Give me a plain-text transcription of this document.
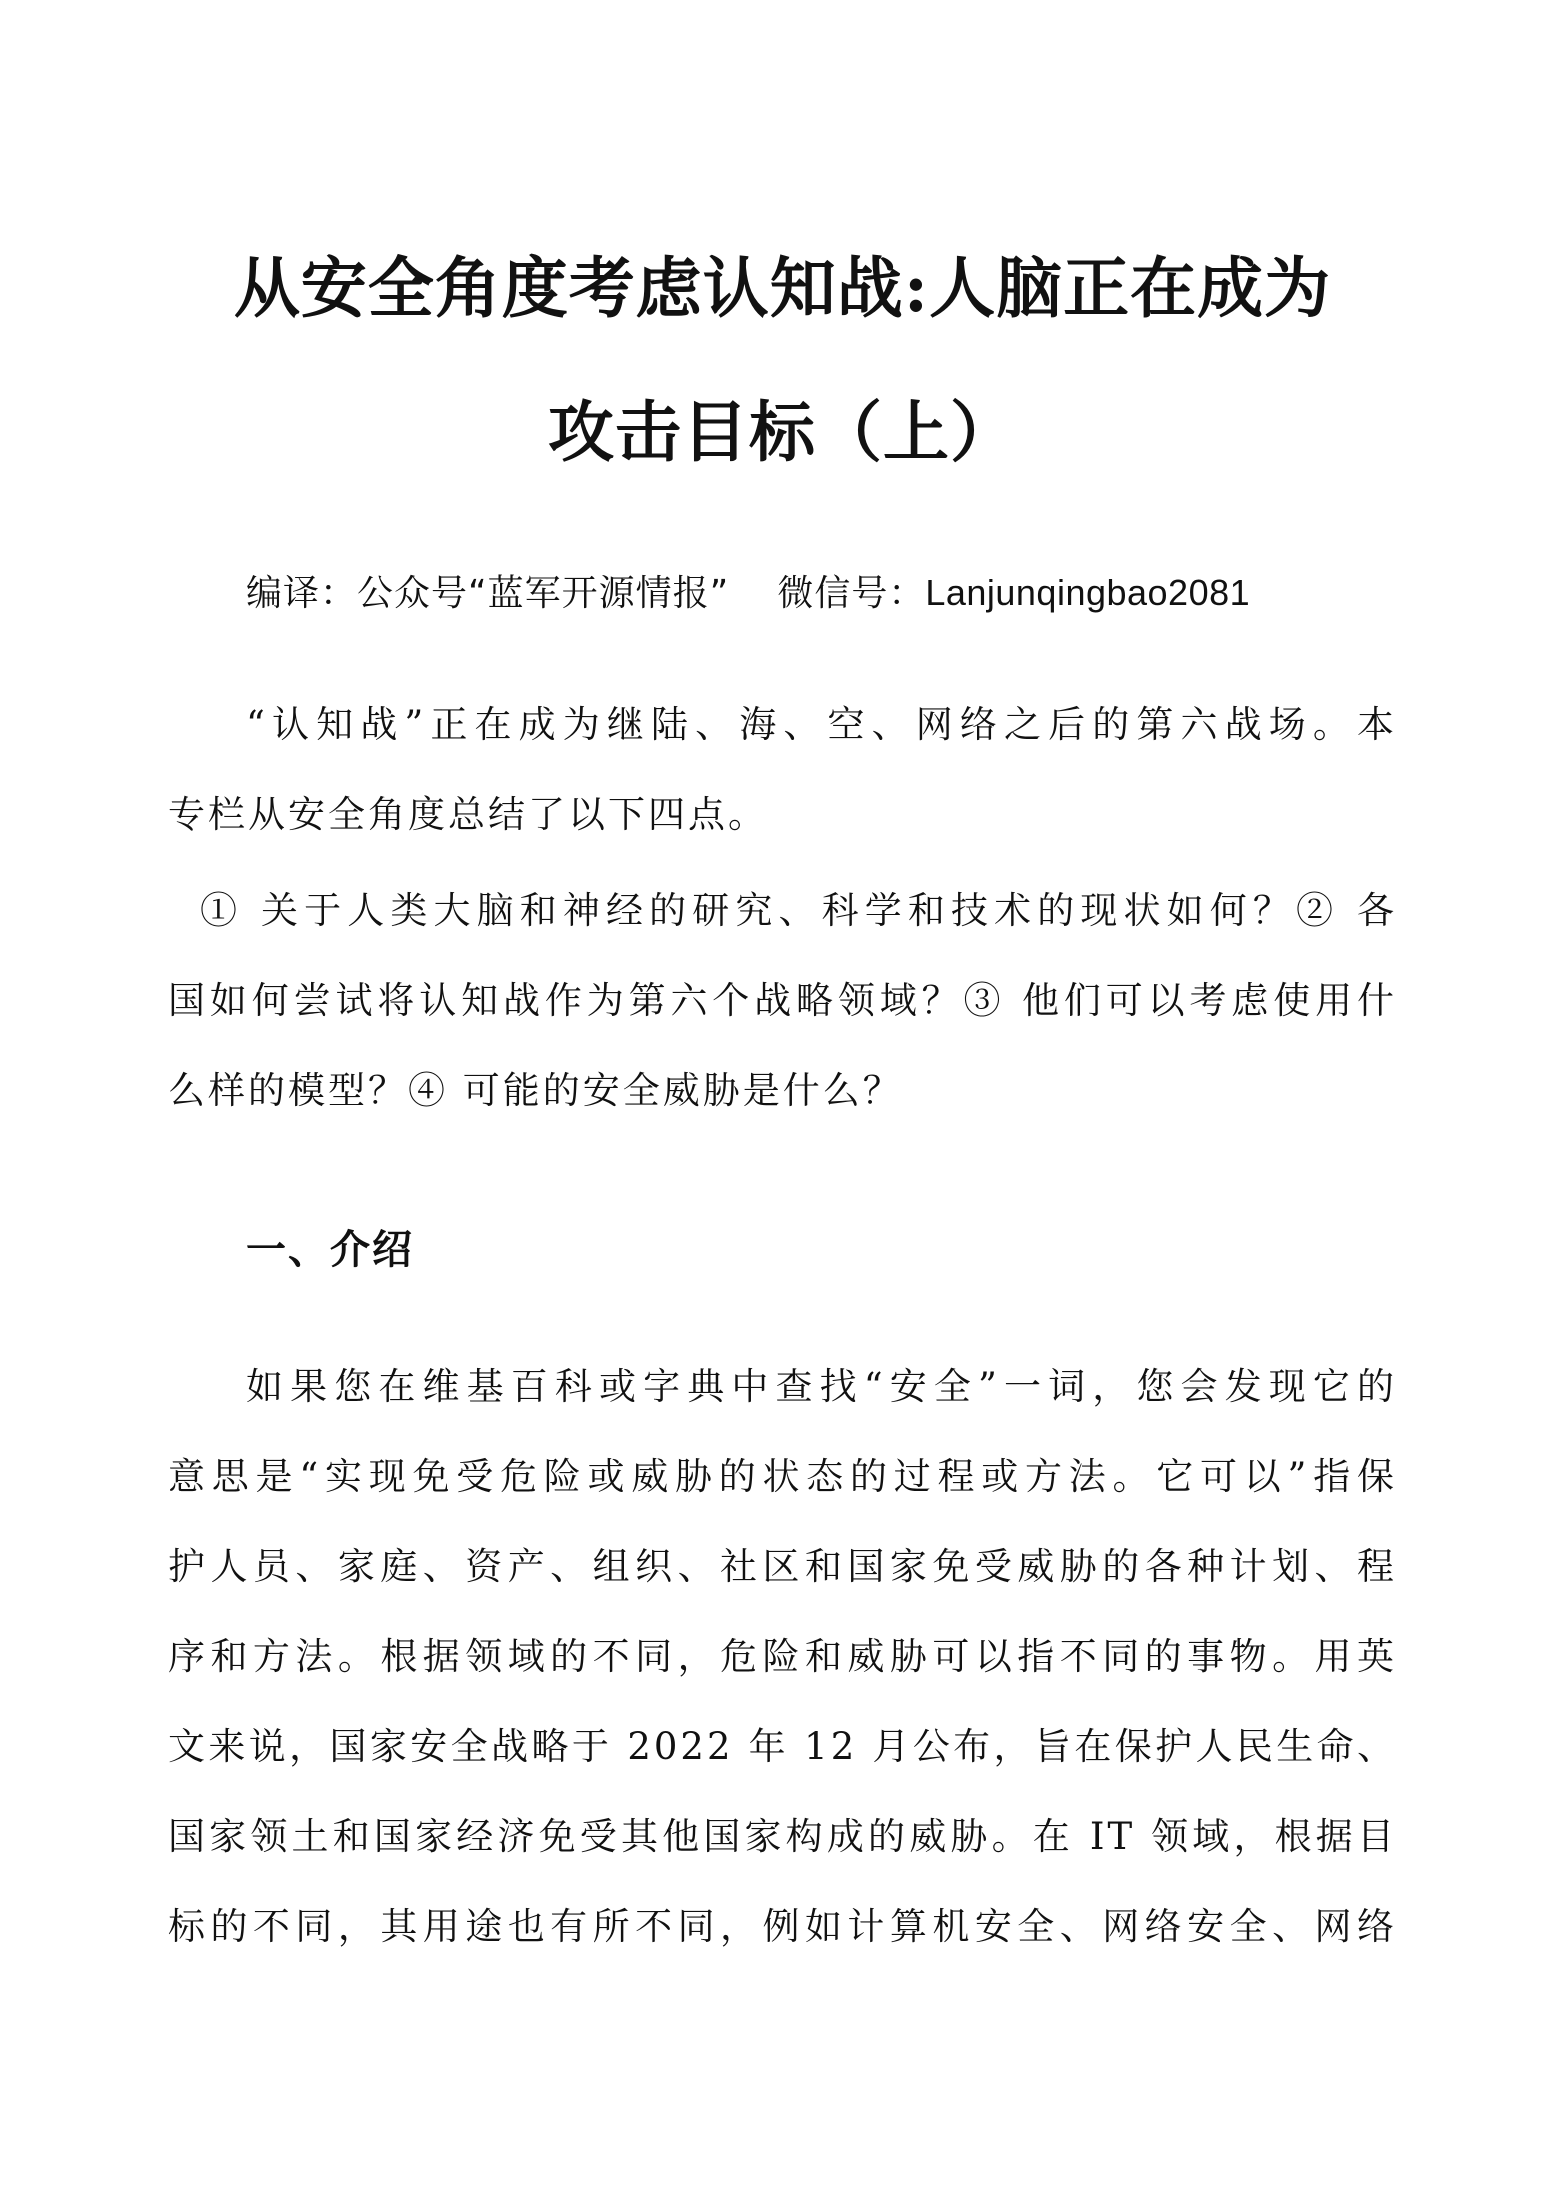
从安全角度考虑认知战:人脑正在成为
攻击目标（上）
编译：公众号“蓝军开源情报” 微信号：Lanjunqingbao2081
“认知战”正在成为继陆、海、空、网络之后的第六战场。本
专栏从安全角度总结了以下四点。
① 关于人类大脑和神经的研究、科学和技术的现状如何？② 各
国如何尝试将认知战作为第六个战略领域？③ 他们可以考虑使用什
么样的模型？④ 可能的安全威胁是什么？
一、介绍
如果您在维基百科或字典中查找“安全”一词，您会发现它的
意思是“实现免受危险或威胁的状态的过程或方法。它可以”指保
护人员、家庭、资产、组织、社区和国家免受威胁的各种计划、程
序和方法。根据领域的不同，危险和威胁可以指不同的事物。用英
文来说，国家安全战略于 2022 年 12 月公布，旨在保护人民生命、
国家领土和国家经济免受其他国家构成的威胁。在 IT 领域，根据目
标的不同，其用途也有所不同，例如计算机安全、网络安全、网络
